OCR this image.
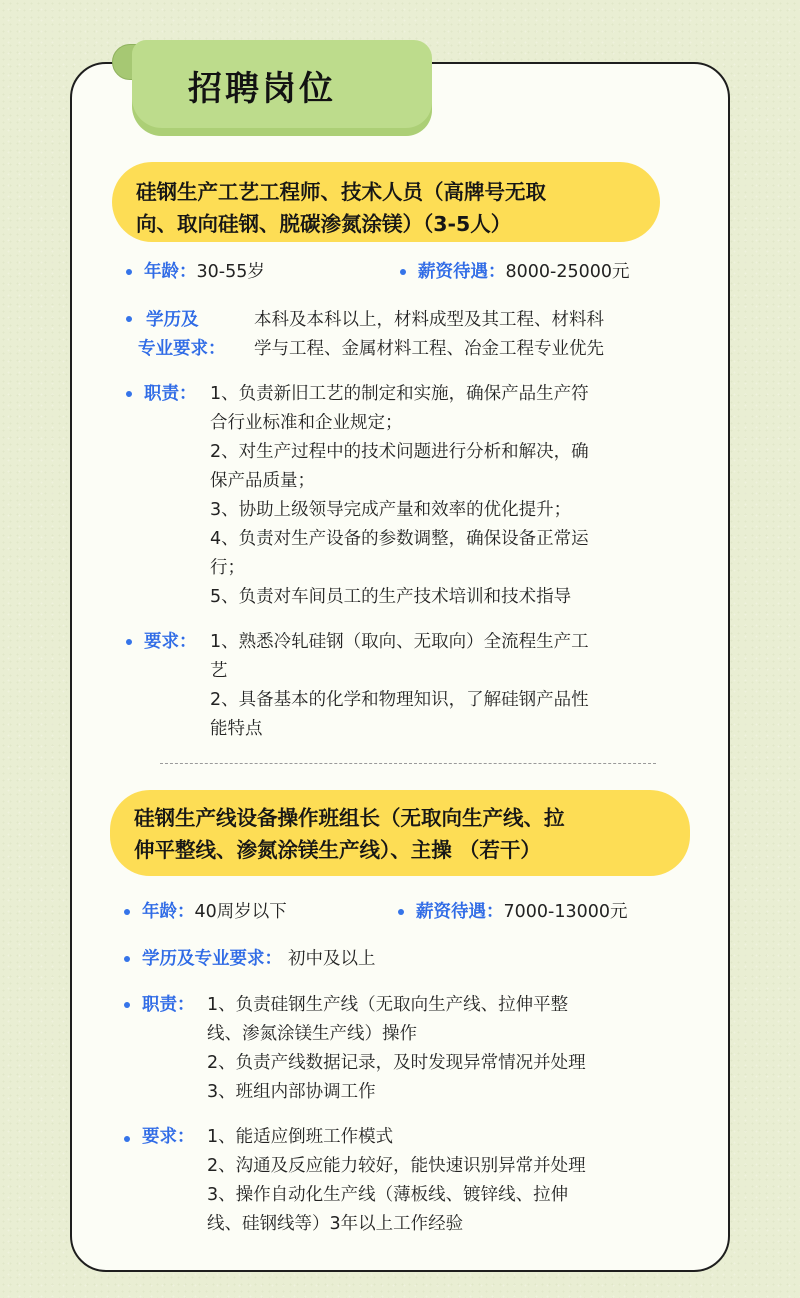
招聘岗位
硅钢生产工艺工程师、技术人员（高牌号无取
向、取向硅钢、脱碳渗氮涂镁）（3-5人）
年龄：30-55岁	薪资待遇：8000-25000元
学历及
专业要求：
本科及本科以上，材料成型及其工程、材料科
学与工程、金属材料工程、冶金工程专业优先
职责： 1、负责新旧工艺的制定和实施，确保产品生产符
合行业标准和企业规定；
2、对生产过程中的技术问题进行分析和解决，确
保产品质量；
3、协助上级领导完成产量和效率的优化提升；
4、负责对生产设备的参数调整，确保设备正常运
行；
5、负责对车间员工的生产技术培训和技术指导
要求： 1、熟悉冷轧硅钢（取向、无取向）全流程生产工
艺
2、具备基本的化学和物理知识，了解硅钢产品性
能特点
硅钢生产线设备操作班组长（无取向生产线、拉
伸平整线、渗氮涂镁生产线）、主操 （若干）
年龄：40周岁以下	薪资待遇：7000-13000元
学历及专业要求： 初中及以上
职责： 1、负责硅钢生产线（无取向生产线、拉伸平整
线、渗氮涂镁生产线）操作
2、负责产线数据记录，及时发现异常情况并处理
3、班组内部协调工作
要求： 1、能适应倒班工作模式
2、沟通及反应能力较好，能快速识别异常并处理
3、操作自动化生产线（薄板线、镀锌线、拉伸
线、硅钢线等）3年以上工作经验
